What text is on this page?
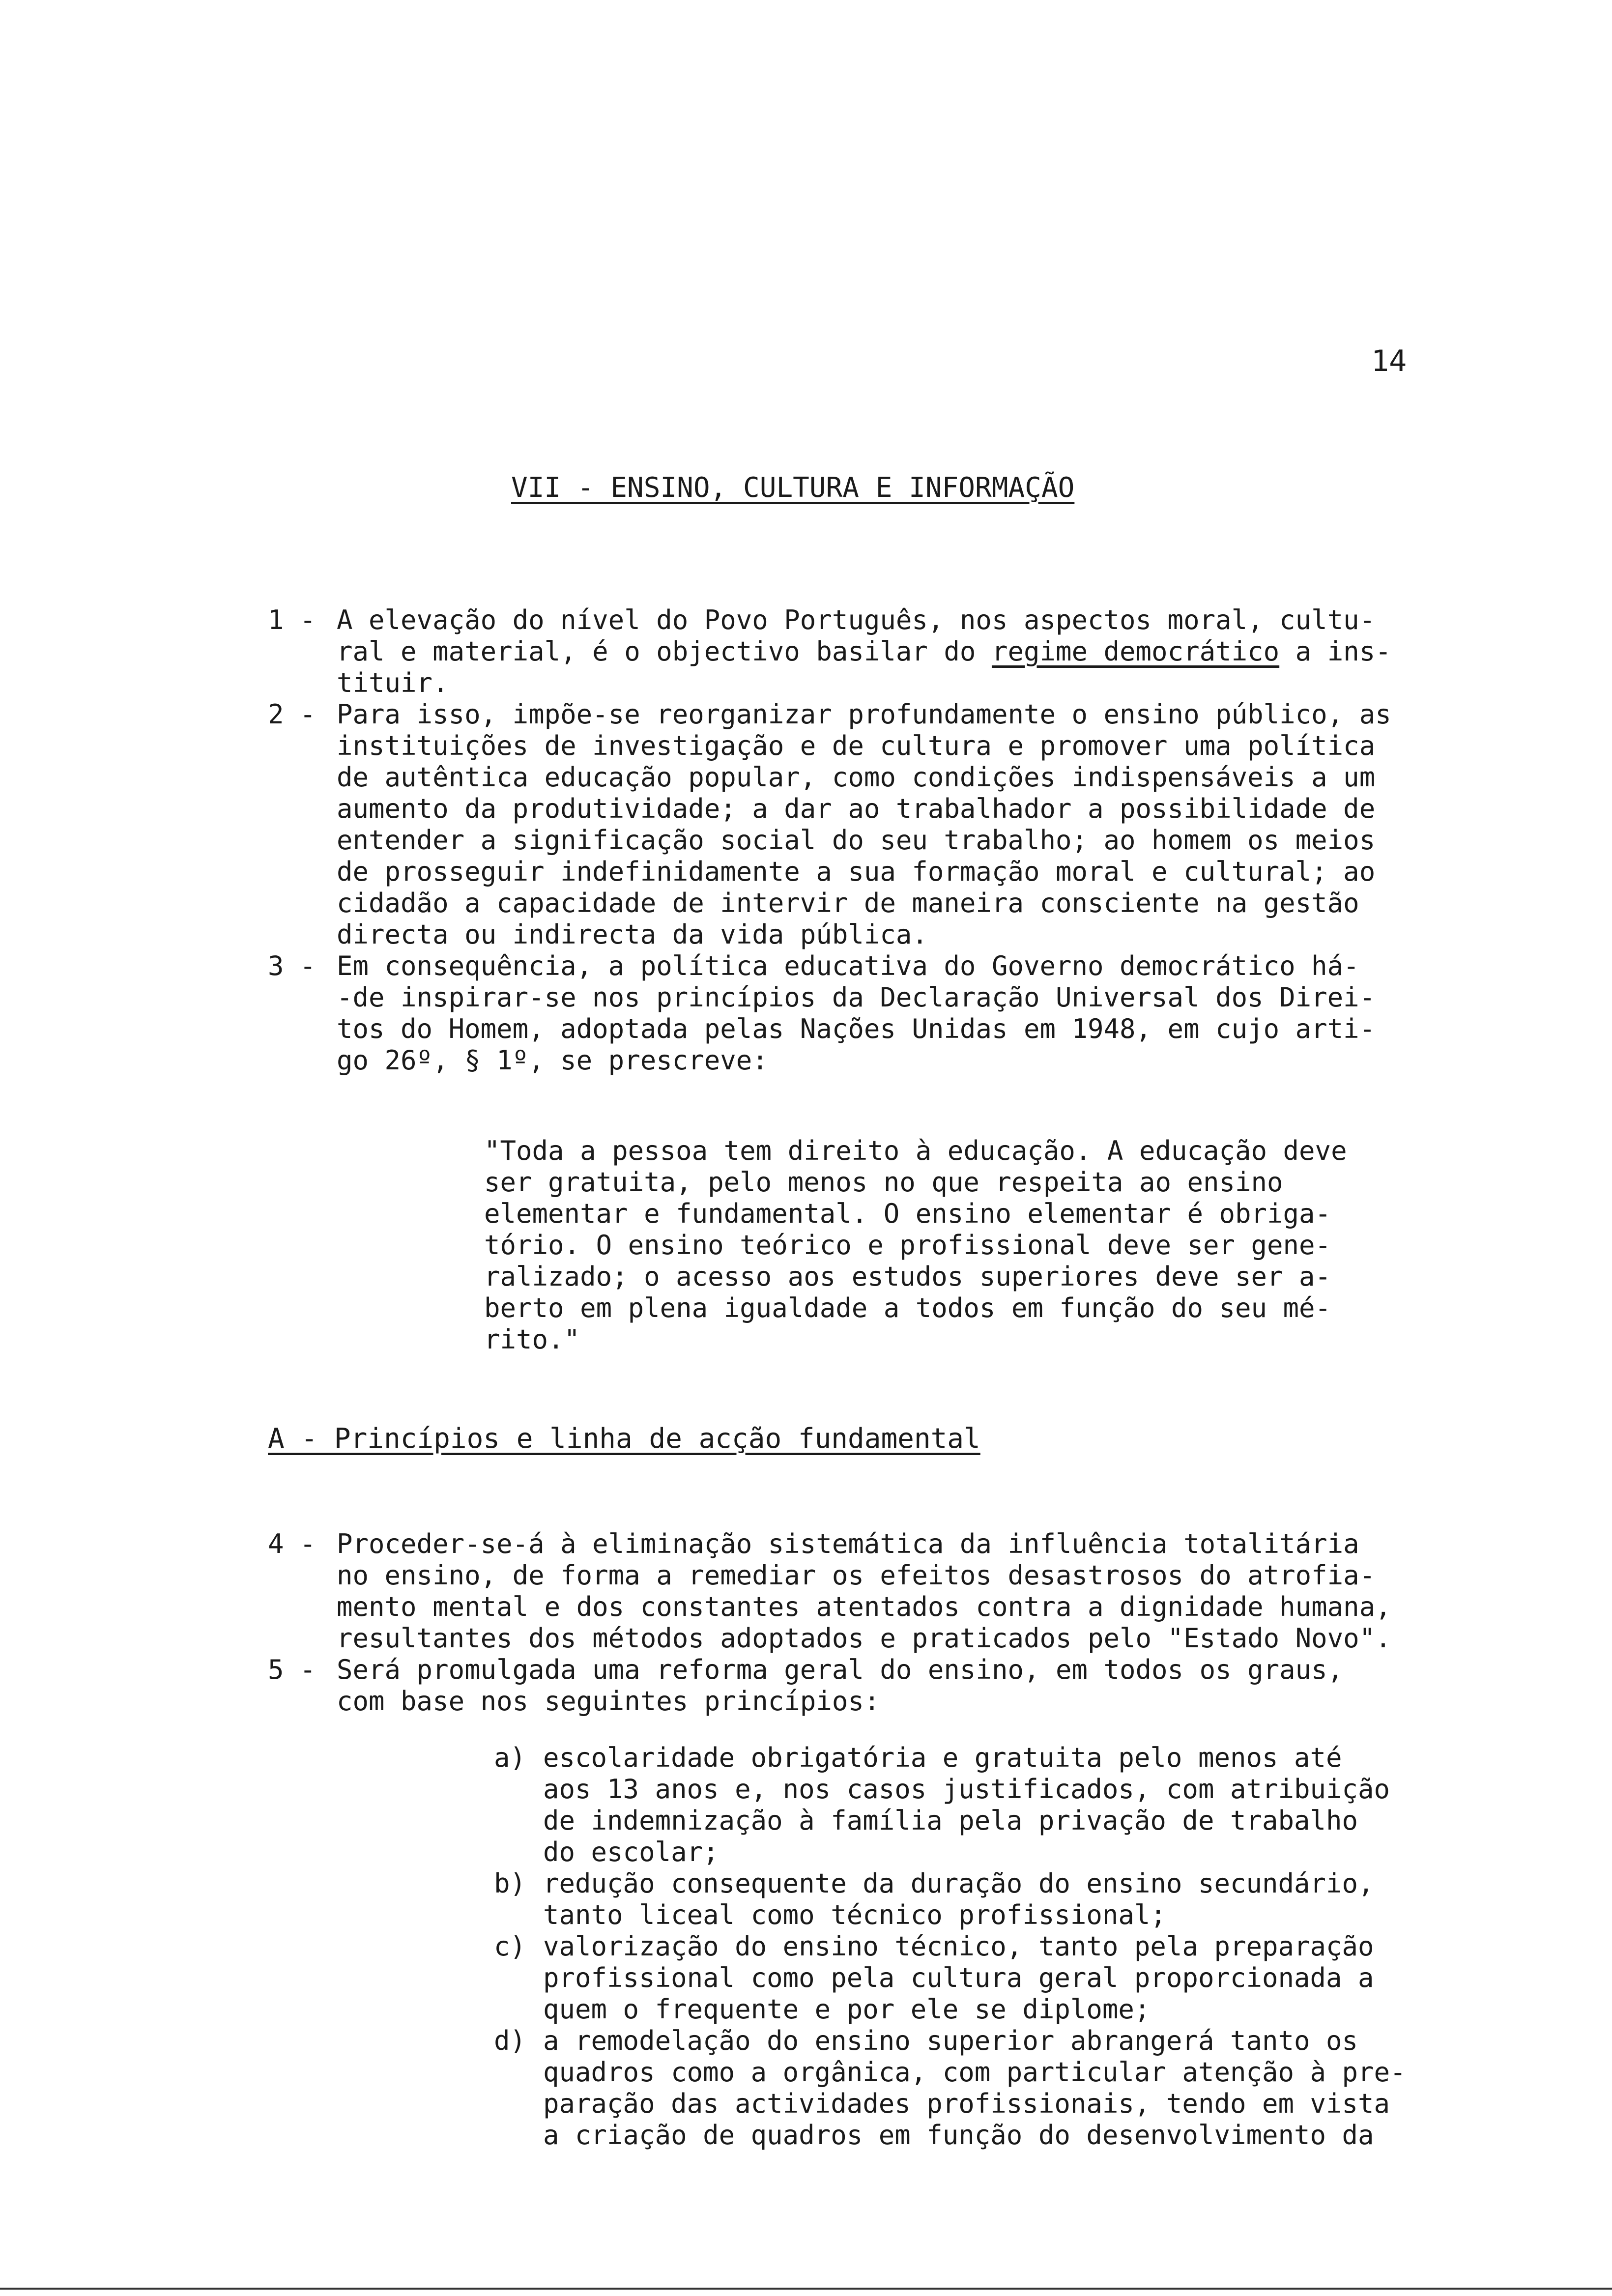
14
VII - ENSINO, CULTURA E INFORMAÇÃO
1 - A elevação do nível do Povo Português, nos aspectos moral, cultu-
ral e material, é o objectivo basilar do regime democrático a ins-
tituir.
2 - Para isso, impõe-se reorganizar profundamente o ensino público, as
instituições de investigação e de cultura e promover uma política
de autêntica educação popular, como condições indispensáveis a um
aumento da produtividade; a dar ao trabalhador a possibilidade de
entender a significação social do seu trabalho; ao homem os meios
de prosseguir indefinidamente a sua formação moral e cultural; ao
cidadão a capacidade de intervir de maneira consciente na gestão
directa ou indirecta da vida pública.
3 - Em consequência, a política educativa do Governo democrático há-
-de inspirar-se nos princípios da Declaração Universal dos Direi-
tos do Homem, adoptada pelas Nações Unidas em 1948, em cujo arti-
go 26º, § 1º, se prescreve:
"Toda a pessoa tem direito à educação. A educação deve
ser gratuita, pelo menos no que respeita ao ensino
elementar e fundamental. O ensino elementar é obriga-
tório. O ensino teórico e profissional deve ser gene-
ralizado; o acesso aos estudos superiores deve ser a-
berto em plena igualdade a todos em função do seu mé-
rito."
A - Princípios e linha de acção fundamental
4 - Proceder-se-á à eliminação sistemática da influência totalitária
no ensino, de forma a remediar os efeitos desastrosos do atrofia-
mento mental e dos constantes atentados contra a dignidade humana,
resultantes dos métodos adoptados e praticados pelo "Estado Novo".
5 - Será promulgada uma reforma geral do ensino, em todos os graus,
com base nos seguintes princípios:
a) escolaridade obrigatória e gratuita pelo menos até
aos 13 anos e, nos casos justificados, com atribuição
de indemnização à família pela privação de trabalho
do escolar;
b) redução consequente da duração do ensino secundário,
tanto liceal como técnico profissional;
c) valorização do ensino técnico, tanto pela preparação
profissional como pela cultura geral proporcionada a
quem o frequente e por ele se diplome;
d) a remodelação do ensino superior abrangerá tanto os
quadros como a orgânica, com particular atenção à pre-
paração das actividades profissionais, tendo em vista
a criação de quadros em função do desenvolvimento da
